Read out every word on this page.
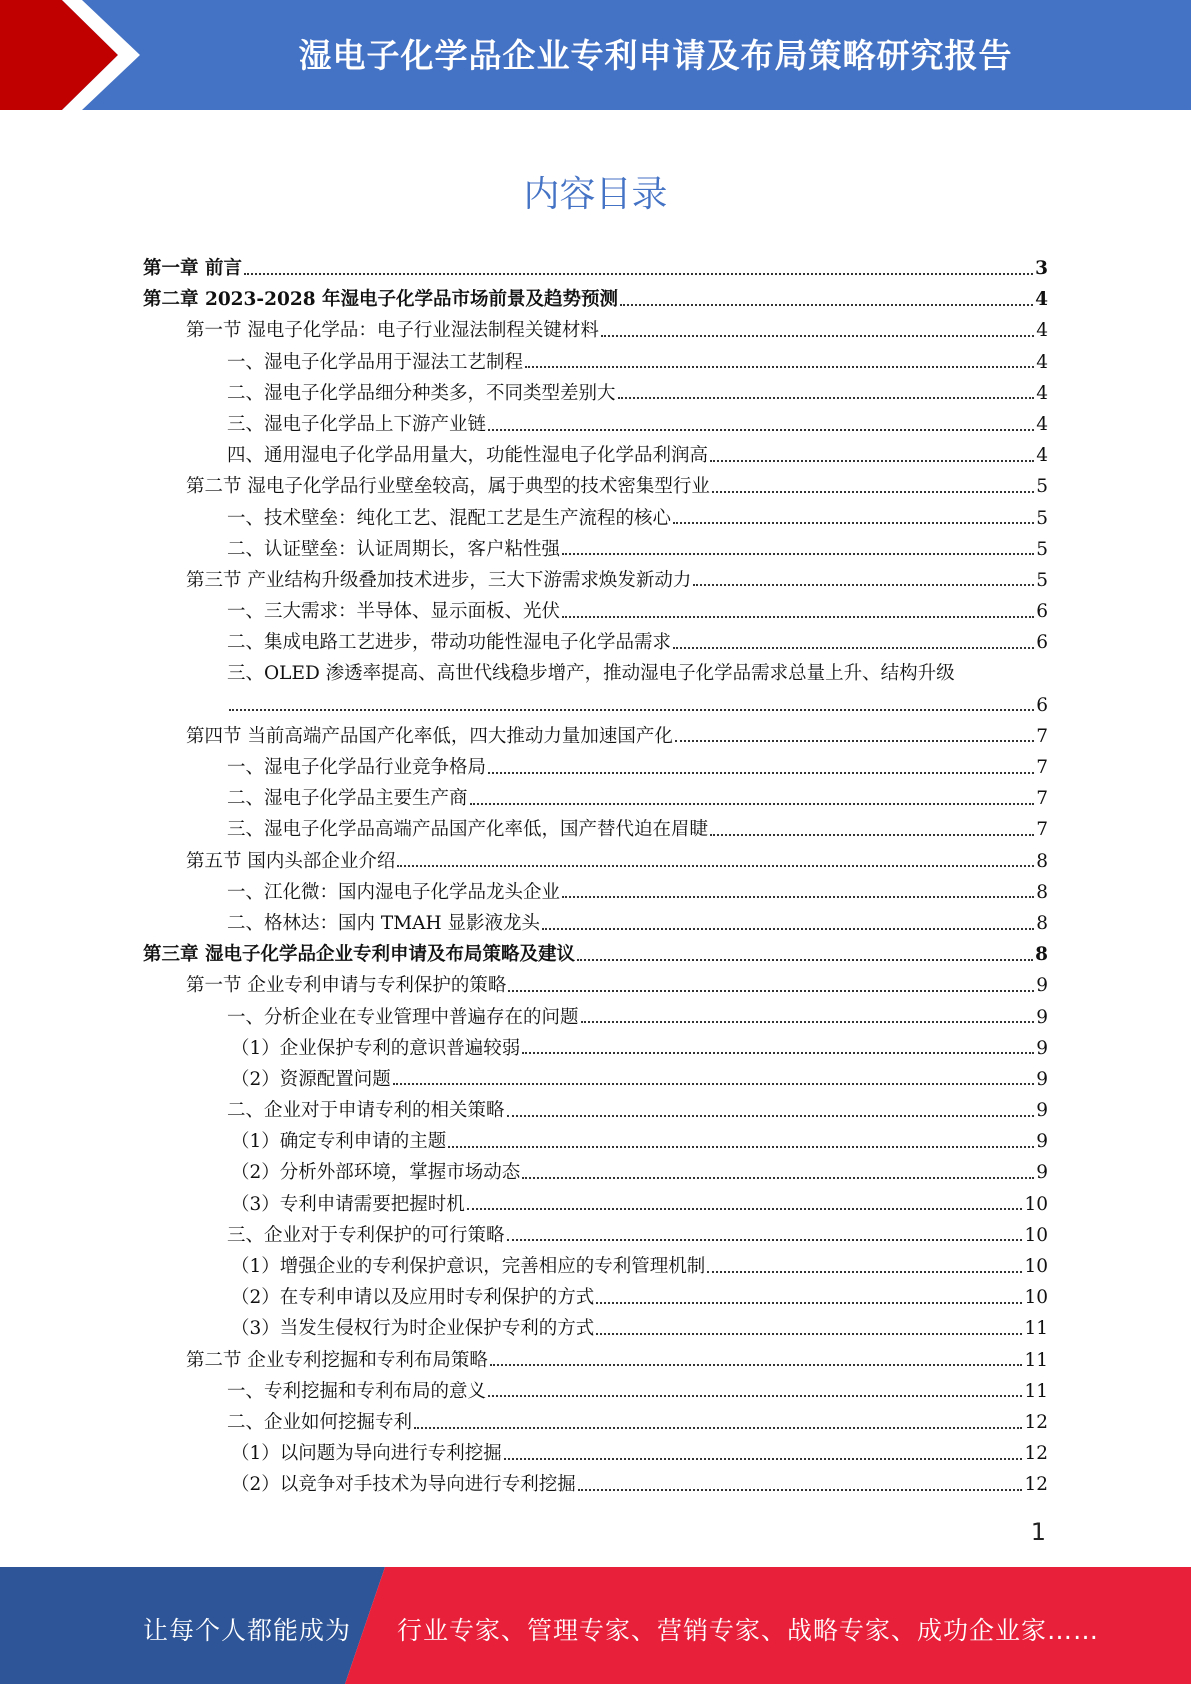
湿电子化学品企业专利申请及布局策略研究报告
内容目录
第一章 前言	3
第二章 2023-2028 年湿电子化学品市场前景及趋势预测	4
第一节 湿电子化学品：电子行业湿法制程关键材料	4
一、湿电子化学品用于湿法工艺制程	4
二、湿电子化学品细分种类多，不同类型差别大	4
三、湿电子化学品上下游产业链	4
四、通用湿电子化学品用量大，功能性湿电子化学品利润高	4
第二节 湿电子化学品行业壁垒较高，属于典型的技术密集型行业	5
一、技术壁垒：纯化工艺、混配工艺是生产流程的核心	5
二、认证壁垒：认证周期长，客户粘性强	5
第三节 产业结构升级叠加技术进步，三大下游需求焕发新动力	5
一、三大需求：半导体、显示面板、光伏	6
二、集成电路工艺进步，带动功能性湿电子化学品需求	6
三、OLED 渗透率提高、高世代线稳步增产，推动湿电子化学品需求总量上升、结构升级
6
第四节 当前高端产品国产化率低，四大推动力量加速国产化	7
一、湿电子化学品行业竞争格局	7
二、湿电子化学品主要生产商	7
三、湿电子化学品高端产品国产化率低，国产替代迫在眉睫	7
第五节 国内头部企业介绍	8
一、江化微：国内湿电子化学品龙头企业	8
二、格林达：国内 TMAH 显影液龙头	8
第三章 湿电子化学品企业专利申请及布局策略及建议	8
第一节 企业专利申请与专利保护的策略	9
一、分析企业在专业管理中普遍存在的问题	9
（1）企业保护专利的意识普遍较弱	9
（2）资源配置问题	9
二、企业对于申请专利的相关策略	9
（1）确定专利申请的主题	9
（2）分析外部环境，掌握市场动态	9
（3）专利申请需要把握时机	10
三、企业对于专利保护的可行策略	10
（1）增强企业的专利保护意识，完善相应的专利管理机制	10
（2）在专利申请以及应用时专利保护的方式	10
（3）当发生侵权行为时企业保护专利的方式	11
第二节 企业专利挖掘和专利布局策略	11
一、专利挖掘和专利布局的意义	11
二、企业如何挖掘专利	12
（1）以问题为导向进行专利挖掘	12
（2）以竞争对手技术为导向进行专利挖掘	12
1
让每个人都能成为 行业专家、管理专家、营销专家、战略专家、成功企业家……
